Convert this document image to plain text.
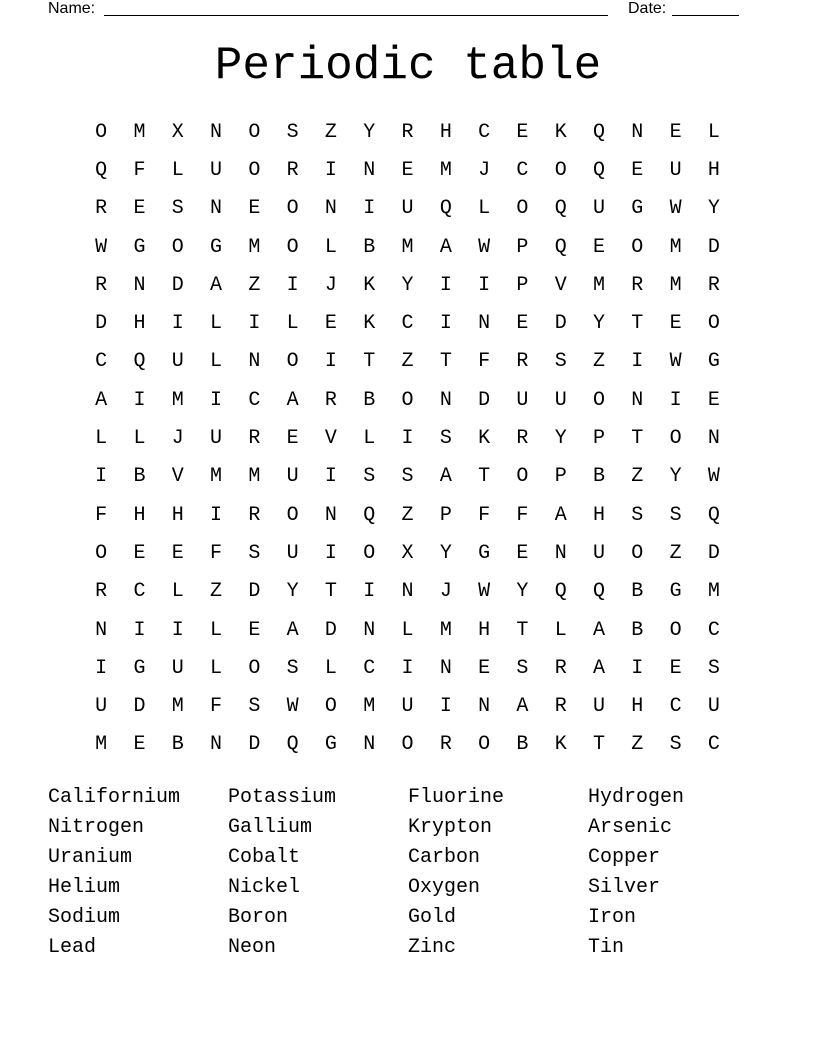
Name:	Date:
Periodic table
O	M	X	N	O	S	Z	Y	R	H	C	E	K	Q	N	E	L
Q	F	L	U	O	R	I	N	E	M	J	C	O	Q	E	U	H
R	E	S	N	E	O	N	I	U	Q	L	O	Q	U	G	W	Y
W	G	O	G	M	O	L	B	M	A	W	P	Q	E	O	M	D
R	N	D	A	Z	I	J	K	Y	I	I	P	V	M	R	M	R
D	H	I	L	I	L	E	K	C	I	N	E	D	Y	T	E	O
C	Q	U	L	N	O	I	T	Z	T	F	R	S	Z	I	W	G
A	I	M	I	C	A	R	B	O	N	D	U	U	O	N	I	E
L	L	J	U	R	E	V	L	I	S	K	R	Y	P	T	O	N
I	B	V	M	M	U	I	S	S	A	T	O	P	B	Z	Y	W
F	H	H	I	R	O	N	Q	Z	P	F	F	A	H	S	S	Q
O	E	E	F	S	U	I	O	X	Y	G	E	N	U	O	Z	D
R	C	L	Z	D	Y	T	I	N	J	W	Y	Q	Q	B	G	M
N	I	I	L	E	A	D	N	L	M	H	T	L	A	B	O	C
I	G	U	L	O	S	L	C	I	N	E	S	R	A	I	E	S
U	D	M	F	S	W	O	M	U	I	N	A	R	U	H	C	U
M	E	B	N	D	Q	G	N	O	R	O	B	K	T	Z	S	C
Californium	Potassium	Fluorine	Hydrogen
Nitrogen	Gallium	Krypton	Arsenic
Uranium	Cobalt	Carbon	Copper
Helium	Nickel	Oxygen	Silver
Sodium	Boron	Gold	Iron
Lead	Neon	Zinc	Tin
